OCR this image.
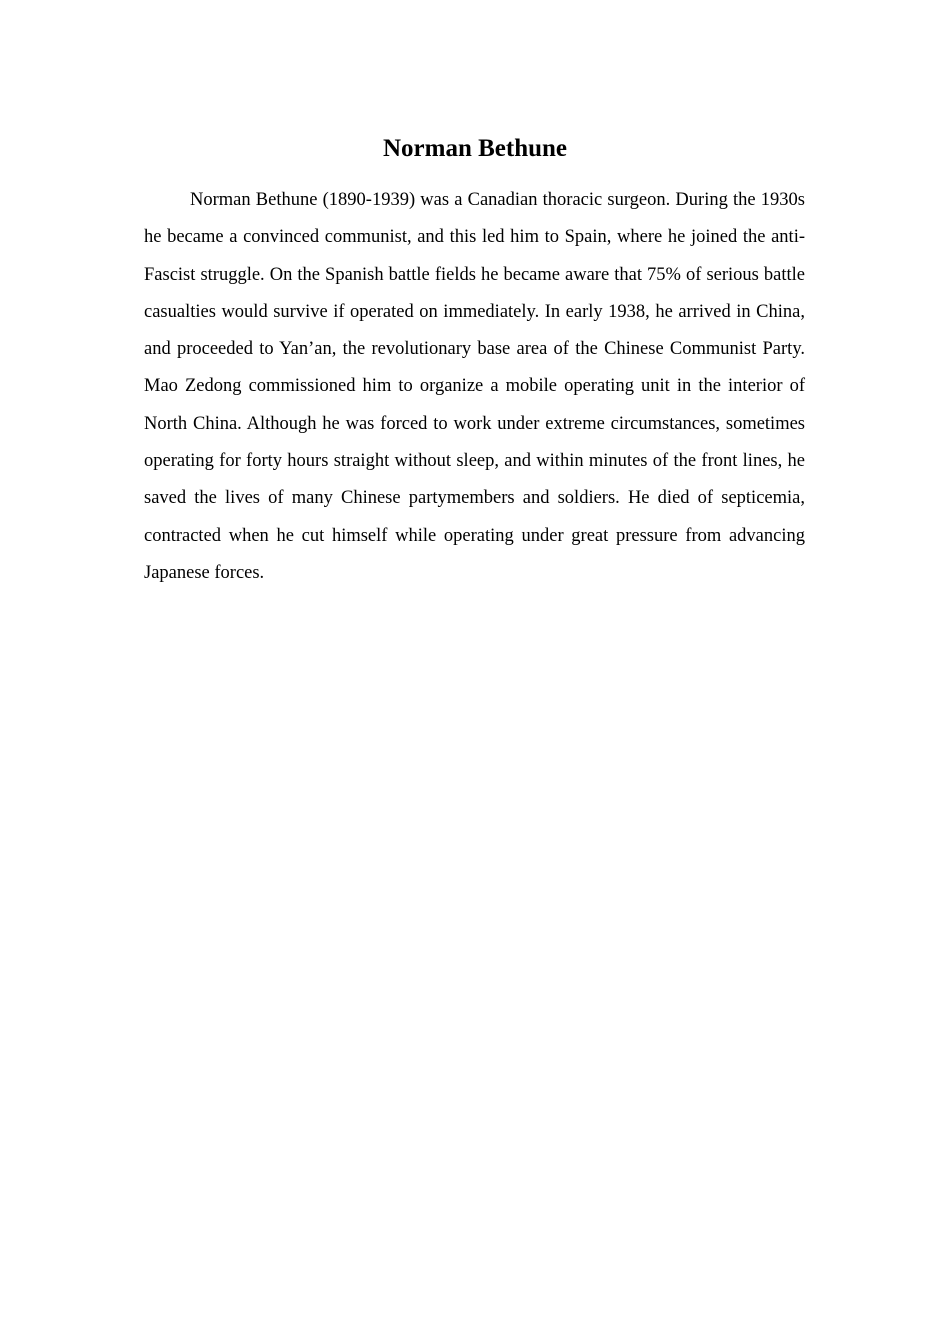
Norman Bethune

Norman Bethune (1890-1939) was a Canadian thoracic surgeon. During the 1930s he became a convinced communist, and this led him to Spain, where he joined the anti-Fascist struggle. On the Spanish battle fields he became aware that 75% of serious battle casualties would survive if operated on immediately. In early 1938, he arrived in China, and proceeded to Yan’an, the revolutionary base area of the Chinese Communist Party. Mao Zedong commissioned him to organize a mobile operating unit in the interior of North China. Although he was forced to work under extreme circumstances, sometimes operating for forty hours straight without sleep, and within minutes of the front lines, he saved the lives of many Chinese partymembers and soldiers. He died of septicemia, contracted when he cut himself while operating under great pressure from advancing Japanese forces.
